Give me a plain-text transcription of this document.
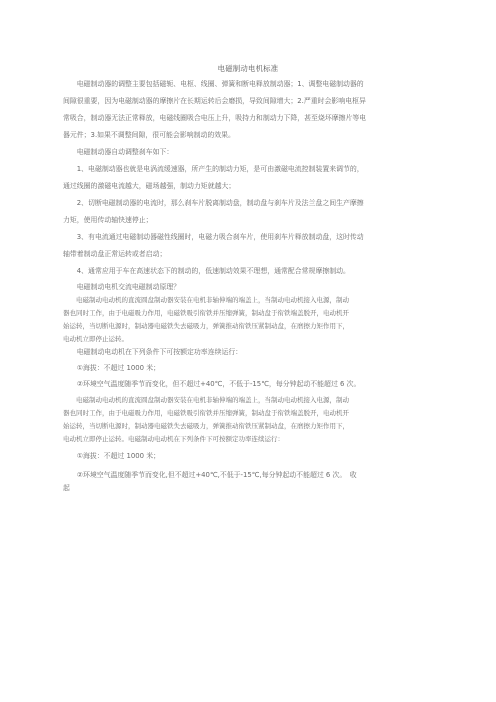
电磁制动电机标准
　　电磁制动器的调整主要包括磁轭、电枢、线圈、弹簧和断电释放制动器；1、调整电磁制动器的
间隙很重要，因为电磁制动器的摩擦片在长期运转后会磨损，导致间隙增大；2.严重时会影响电枢异
常吸合，制动器无法正常释放，电磁线圈吸合电压上升，吸持力和制动力下降，甚至烧坏摩擦片等电
器元件；3.如果不调整间隙，很可能会影响制动的效果。
　　电磁制动器自动调整刹车如下：
　　1、电磁制动器也就是电涡流缓速器，所产生的制动力矩，是可由激磁电流控制装置来调节的，
通过线圈的激磁电流越大，磁场越强，制动力矩就越大；
　　2、切断电磁制动器的电流时，那么刹车片脱离制动盘，制动盘与刹车片及法兰盘之间生产摩擦
力矩，使用传动轴快速停止；
　　3、有电流通过电磁制动器磁性线圈时，电磁力吸合刹车片，使用刹车片释放制动盘，这时传动
轴带着制动盘正常运转或者启动；
　　4、通常应用于车在高速状态下的制动的，低速制动效果不理想，通常配合常规摩擦制动。
　　电磁制动电机交流电磁制动原理？
　　电磁制动电动机的直流圆盘制动器安装在电机非轴伸端的端盖上，当制动电动机接入电源，制动
器也同时工作，由于电磁吸力作用，电磁铁吸引衔铁并压缩弹簧，制动盘于衔铁端盖脱开，电动机开
始运转，当切断电源时，制动器电磁铁失去磁吸力，弹簧推动衔铁压紧制动盘，在磨擦力矩作用下，
电动机立即停止运转。
　　电磁制动电动机在下列条件下可按额定功率连续运行：
　　①海拔：不超过 1000 米；
　　②环境空气温度随季节而变化，但不超过+40℃，不低于-15℃，每分钟起动不能超过 6 次。
　　电磁制动电动机的直流圆盘制动器安装在电机非轴伸端的端盖上，当制动电动机接入电源，制动
器也同时工作，由于电磁吸力作用，电磁铁吸引衔铁并压缩弹簧，制动盘于衔铁端盖脱开，电动机开
始运转，当切断电源时，制动器电磁铁失去磁吸力，弹簧推动衔铁压紧制动盘，在磨擦力矩作用下，
电动机立即停止运转。电磁制动电动机在下列条件下可按额定功率连续运行：
　　①海拔：不超过 1000 米；
　　②环境空气温度随季节而变化,但不超过+40℃,不低于-15℃,每分钟起动不能超过 6 次。　收
起
